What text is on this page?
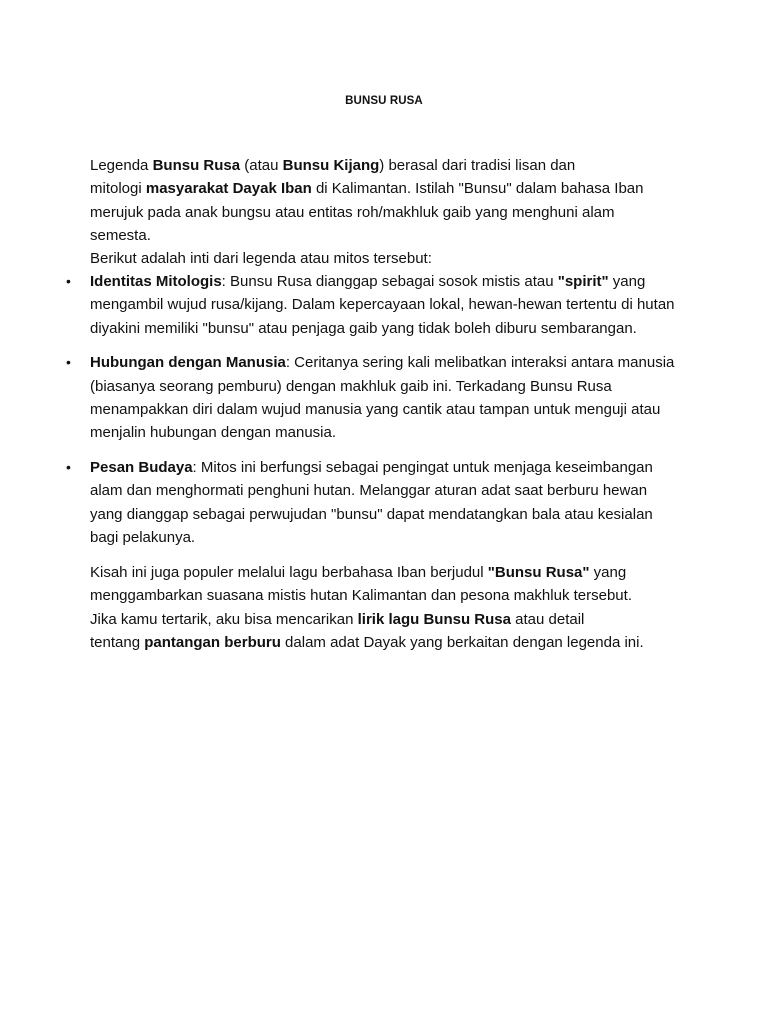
BUNSU RUSA

Legenda Bunsu Rusa (atau Bunsu Kijang) berasal dari tradisi lisan dan

mitologi masyarakat Dayak Iban di Kalimantan. Istilah "Bunsu" dalam bahasa Iban

merujuk pada anak bungsu atau entitas roh/makhluk gaib yang menghuni alam

semesta.

Berikut adalah inti dari legenda atau mitos tersebut:

• Identitas Mitologis: Bunsu Rusa dianggap sebagai sosok mistis atau "spirit" yang
mengambil wujud rusa/kijang. Dalam kepercayaan lokal, hewan-hewan tertentu di hutan
diyakini memiliki "bunsu" atau penjaga gaib yang tidak boleh diburu sembarangan.
• Hubungan dengan Manusia: Ceritanya sering kali melibatkan interaksi antara manusia
(biasanya seorang pemburu) dengan makhluk gaib ini. Terkadang Bunsu Rusa
menampakkan diri dalam wujud manusia yang cantik atau tampan untuk menguji atau
menjalin hubungan dengan manusia.
• Pesan Budaya: Mitos ini berfungsi sebagai pengingat untuk menjaga keseimbangan
alam dan menghormati penghuni hutan. Melanggar aturan adat saat berburu hewan
yang dianggap sebagai perwujudan "bunsu" dapat mendatangkan bala atau kesialan
bagi pelakunya.

Kisah ini juga populer melalui lagu berbahasa Iban berjudul "Bunsu Rusa" yang

menggambarkan suasana mistis hutan Kalimantan dan pesona makhluk tersebut.

Jika kamu tertarik, aku bisa mencarikan lirik lagu Bunsu Rusa atau detail

tentang pantangan berburu dalam adat Dayak yang berkaitan dengan legenda ini.
